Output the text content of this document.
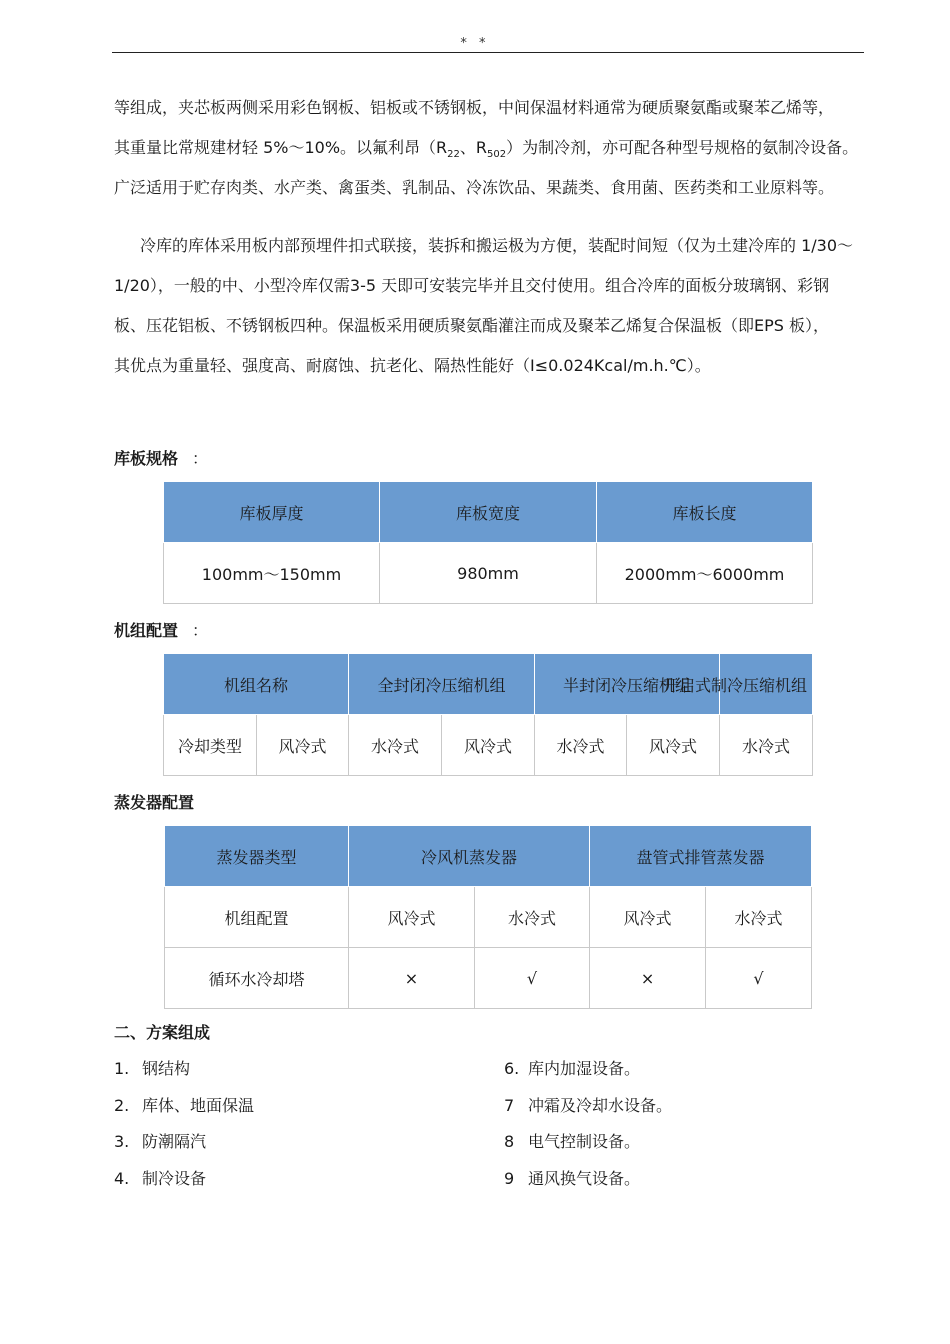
* *
等组成，夹芯板两侧采用彩色钢板、铝板或不锈钢板，中间保温材料通常为硬质聚氨酯或聚苯乙烯等，
其重量比常规建材轻 5%～10%。以氟利昂（$R_{22}$、$R_{502}$）为制冷剂，亦可配各种型号规格的氨制冷设备。
广泛适用于贮存肉类、水产类、禽蛋类、乳制品、冷冻饮品、果蔬类、食用菌、医药类和工业原料等。
冷库的库体采用板内部预埋件扣式联接，装拆和搬运极为方便，装配时间短（仅为土建冷库的 1/30～
1/20），一般的中、小型冷库仅需3-5 天即可安装完毕并且交付使用。组合冷库的面板分玻璃钢、彩钢
板、压花铝板、不锈钢板四种。保温板采用硬质聚氨酯灌注而成及聚苯乙烯复合保温板（即EPS 板），
其优点为重量轻、强度高、耐腐蚀、抗老化、隔热性能好（I≤0.024Kcal/m.h.℃）。
库板规格 ：
库板厚度	库板宽度	库板长度
100mm～150mm	980mm	2000mm～6000mm
机组配置 ：
机组名称		全封闭冷压缩机组		半封闭冷压缩机组		开启式制冷压缩机组
冷却类型	风冷式	水冷式	风冷式	水冷式	风冷式	水冷式
蒸发器配置
蒸发器类型	冷风机蒸发器		盘管式排管蒸发器	
机组配置	风冷式	水冷式	风冷式	水冷式
循环水冷却塔	×	√	×	√
二、方案组成
1. 钢结构
2. 库体、地面保温
3. 防潮隔汽
4. 制冷设备
6. 库内加湿设备。
7 冲霜及冷却水设备。
8 电气控制设备。
9 通风换气设备。
